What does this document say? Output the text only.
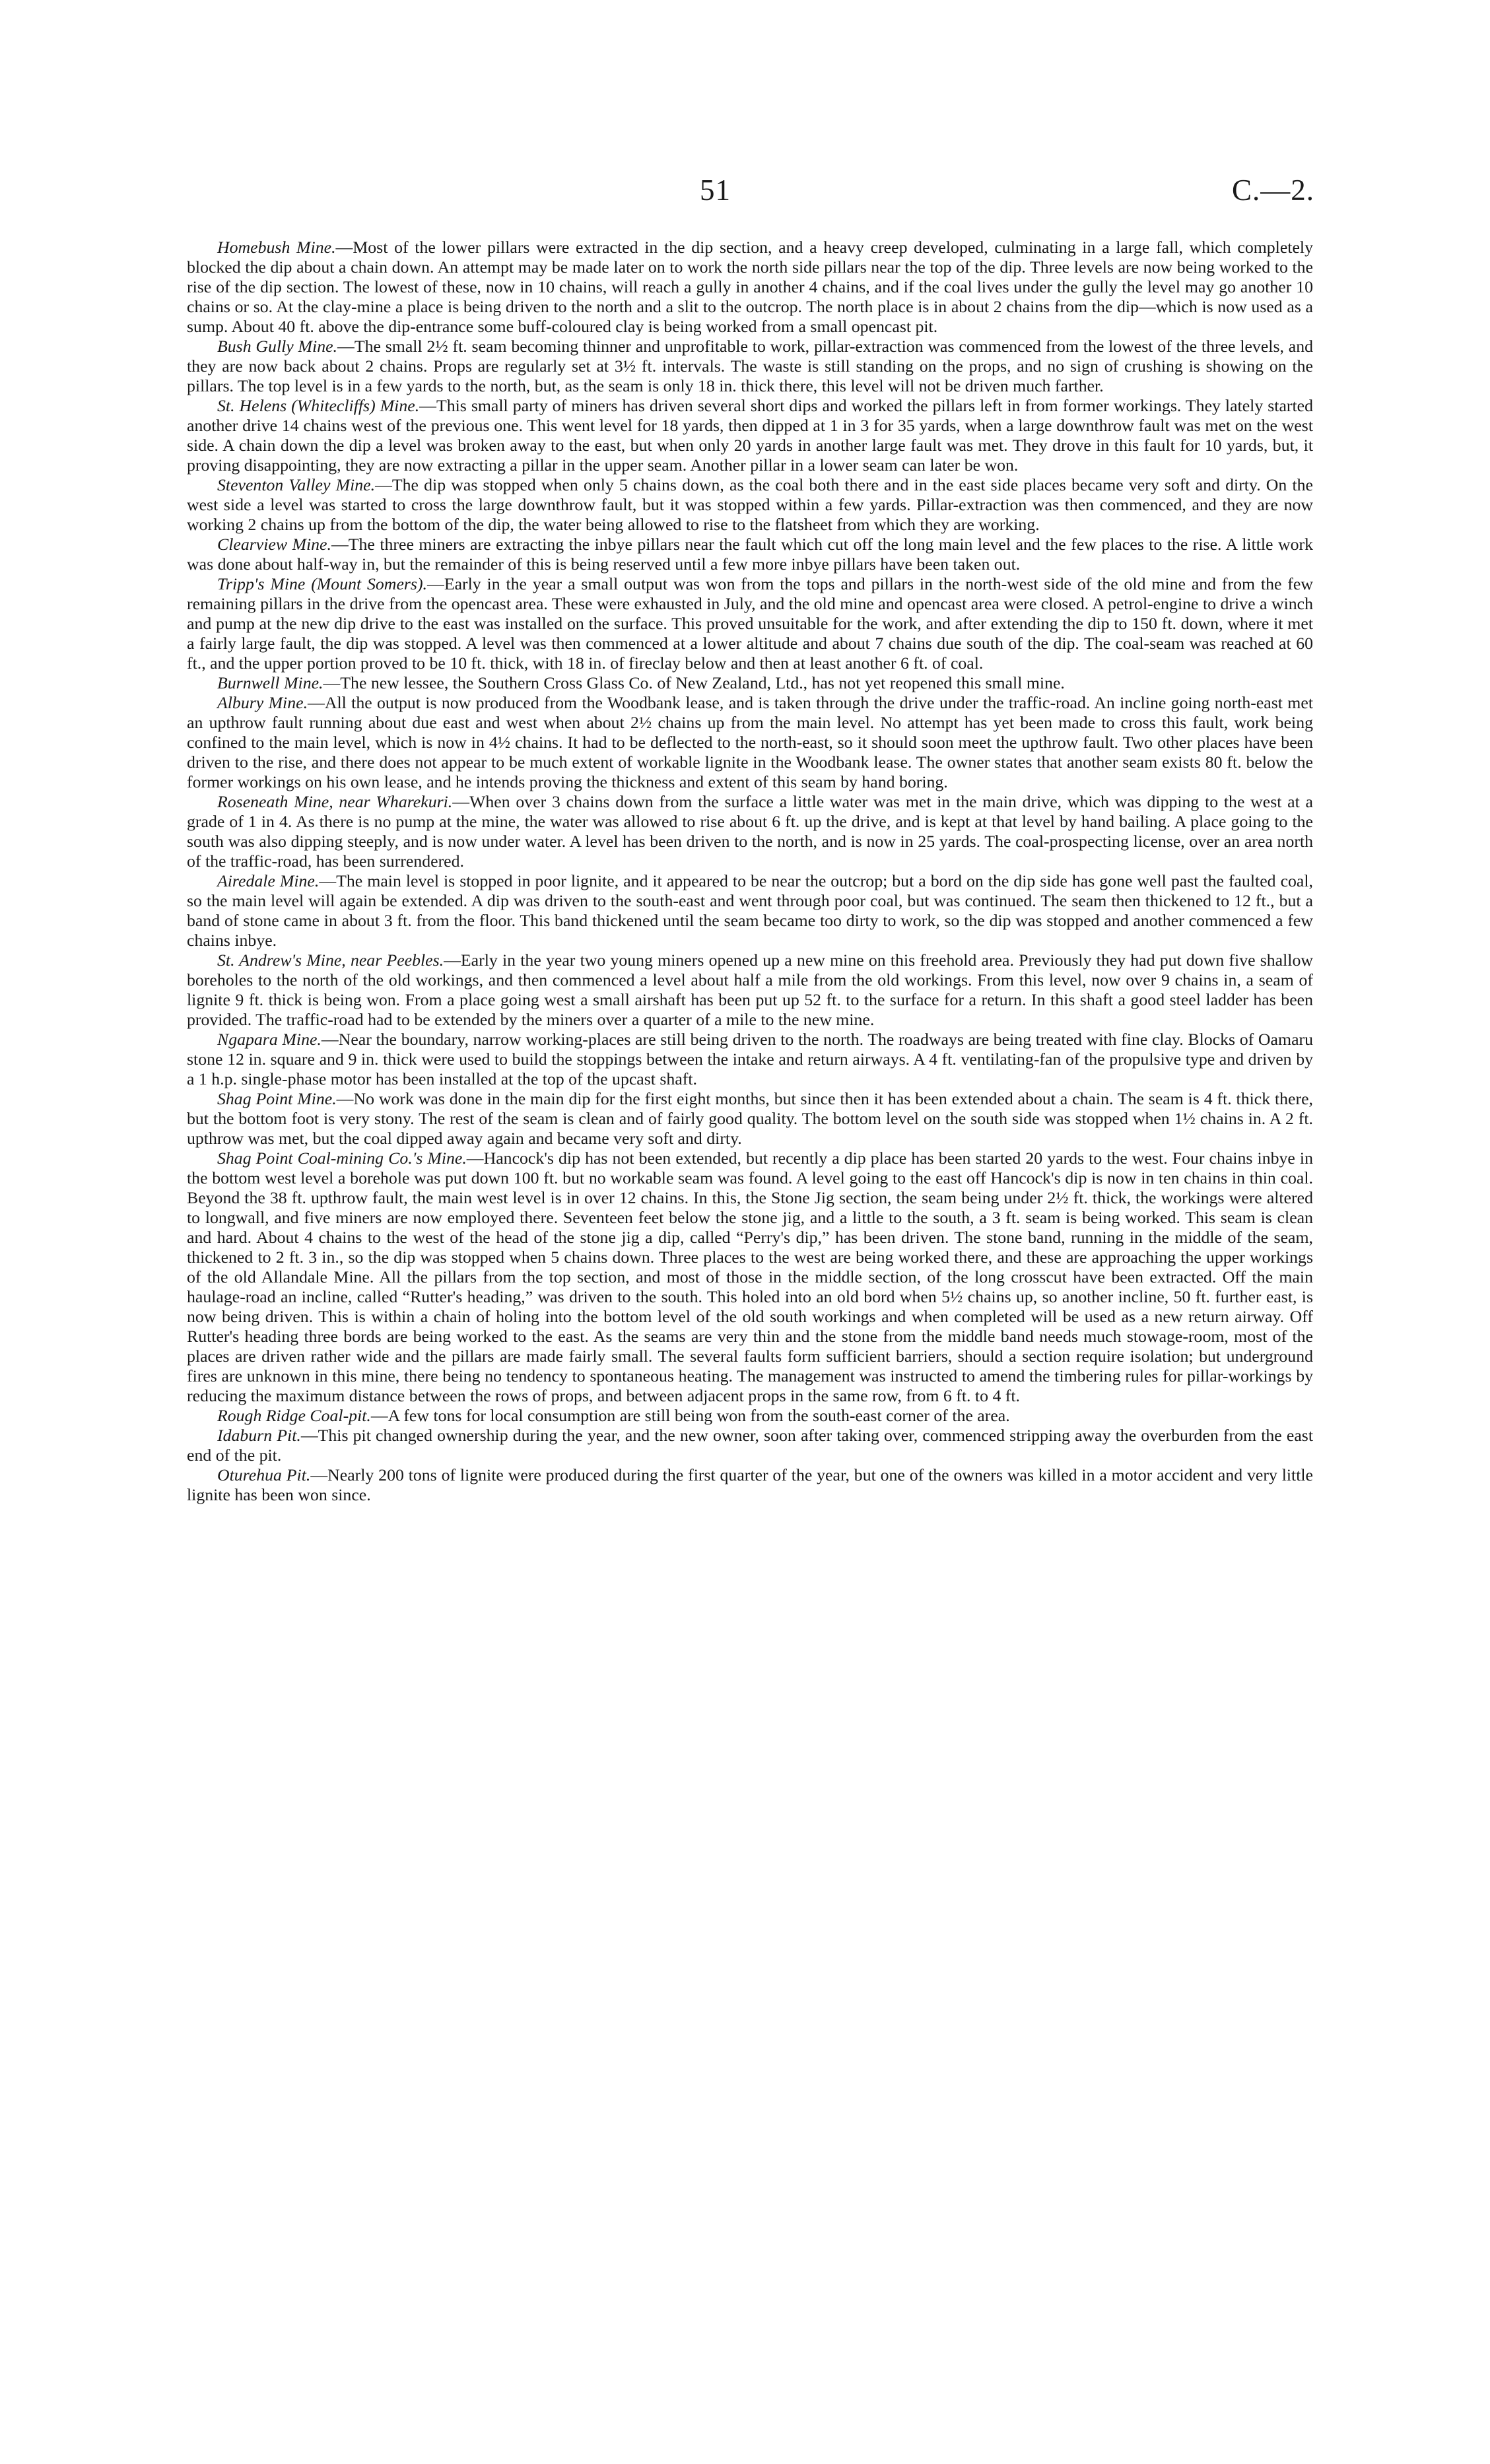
51	C.—2.

Homebush Mine.—Most of the lower pillars were extracted in the dip section, and a heavy creep developed, culminating in a large fall, which completely blocked the dip about a chain down. An attempt may be made later on to work the north side pillars near the top of the dip. Three levels are now being worked to the rise of the dip section. The lowest of these, now in 10 chains, will reach a gully in another 4 chains, and if the coal lives under the gully the level may go another 10 chains or so. At the clay-mine a place is being driven to the north and a slit to the outcrop. The north place is in about 2 chains from the dip—which is now used as a sump. About 40 ft. above the dip-entrance some buff-coloured clay is being worked from a small opencast pit.

Bush Gully Mine.—The small 2½ ft. seam becoming thinner and unprofitable to work, pillar-extraction was commenced from the lowest of the three levels, and they are now back about 2 chains. Props are regularly set at 3½ ft. intervals. The waste is still standing on the props, and no sign of crushing is showing on the pillars. The top level is in a few yards to the north, but, as the seam is only 18 in. thick there, this level will not be driven much farther.

St. Helens (Whitecliffs) Mine.—This small party of miners has driven several short dips and worked the pillars left in from former workings. They lately started another drive 14 chains west of the previous one. This went level for 18 yards, then dipped at 1 in 3 for 35 yards, when a large downthrow fault was met on the west side. A chain down the dip a level was broken away to the east, but when only 20 yards in another large fault was met. They drove in this fault for 10 yards, but, it proving disappointing, they are now extracting a pillar in the upper seam. Another pillar in a lower seam can later be won.

Steventon Valley Mine.—The dip was stopped when only 5 chains down, as the coal both there and in the east side places became very soft and dirty. On the west side a level was started to cross the large downthrow fault, but it was stopped within a few yards. Pillar-extraction was then commenced, and they are now working 2 chains up from the bottom of the dip, the water being allowed to rise to the flatsheet from which they are working.

Clearview Mine.—The three miners are extracting the inbye pillars near the fault which cut off the long main level and the few places to the rise. A little work was done about half-way in, but the remainder of this is being reserved until a few more inbye pillars have been taken out.

Tripp's Mine (Mount Somers).—Early in the year a small output was won from the tops and pillars in the north-west side of the old mine and from the few remaining pillars in the drive from the opencast area. These were exhausted in July, and the old mine and opencast area were closed. A petrol-engine to drive a winch and pump at the new dip drive to the east was installed on the surface. This proved unsuitable for the work, and after extending the dip to 150 ft. down, where it met a fairly large fault, the dip was stopped. A level was then commenced at a lower altitude and about 7 chains due south of the dip. The coal-seam was reached at 60 ft., and the upper portion proved to be 10 ft. thick, with 18 in. of fireclay below and then at least another 6 ft. of coal.

Burnwell Mine.—The new lessee, the Southern Cross Glass Co. of New Zealand, Ltd., has not yet reopened this small mine.

Albury Mine.—All the output is now produced from the Woodbank lease, and is taken through the drive under the traffic-road. An incline going north-east met an upthrow fault running about due east and west when about 2½ chains up from the main level. No attempt has yet been made to cross this fault, work being confined to the main level, which is now in 4½ chains. It had to be deflected to the north-east, so it should soon meet the upthrow fault. Two other places have been driven to the rise, and there does not appear to be much extent of workable lignite in the Woodbank lease. The owner states that another seam exists 80 ft. below the former workings on his own lease, and he intends proving the thickness and extent of this seam by hand boring.

Roseneath Mine, near Wharekuri.—When over 3 chains down from the surface a little water was met in the main drive, which was dipping to the west at a grade of 1 in 4. As there is no pump at the mine, the water was allowed to rise about 6 ft. up the drive, and is kept at that level by hand bailing. A place going to the south was also dipping steeply, and is now under water. A level has been driven to the north, and is now in 25 yards. The coal-prospecting license, over an area north of the traffic-road, has been surrendered.

Airedale Mine.—The main level is stopped in poor lignite, and it appeared to be near the outcrop; but a bord on the dip side has gone well past the faulted coal, so the main level will again be extended. A dip was driven to the south-east and went through poor coal, but was continued. The seam then thickened to 12 ft., but a band of stone came in about 3 ft. from the floor. This band thickened until the seam became too dirty to work, so the dip was stopped and another commenced a few chains inbye.

St. Andrew's Mine, near Peebles.—Early in the year two young miners opened up a new mine on this freehold area. Previously they had put down five shallow boreholes to the north of the old workings, and then commenced a level about half a mile from the old workings. From this level, now over 9 chains in, a seam of lignite 9 ft. thick is being won. From a place going west a small airshaft has been put up 52 ft. to the surface for a return. In this shaft a good steel ladder has been provided. The traffic-road had to be extended by the miners over a quarter of a mile to the new mine.

Ngapara Mine.—Near the boundary, narrow working-places are still being driven to the north. The roadways are being treated with fine clay. Blocks of Oamaru stone 12 in. square and 9 in. thick were used to build the stoppings between the intake and return airways. A 4 ft. ventilating-fan of the propulsive type and driven by a 1 h.p. single-phase motor has been installed at the top of the upcast shaft.

Shag Point Mine.—No work was done in the main dip for the first eight months, but since then it has been extended about a chain. The seam is 4 ft. thick there, but the bottom foot is very stony. The rest of the seam is clean and of fairly good quality. The bottom level on the south side was stopped when 1½ chains in. A 2 ft. upthrow was met, but the coal dipped away again and became very soft and dirty.

Shag Point Coal-mining Co.'s Mine.—Hancock's dip has not been extended, but recently a dip place has been started 20 yards to the west. Four chains inbye in the bottom west level a borehole was put down 100 ft. but no workable seam was found. A level going to the east off Hancock's dip is now in ten chains in thin coal. Beyond the 38 ft. upthrow fault, the main west level is in over 12 chains. In this, the Stone Jig section, the seam being under 2½ ft. thick, the workings were altered to longwall, and five miners are now employed there. Seventeen feet below the stone jig, and a little to the south, a 3 ft. seam is being worked. This seam is clean and hard. About 4 chains to the west of the head of the stone jig a dip, called “Perry's dip,” has been driven. The stone band, running in the middle of the seam, thickened to 2 ft. 3 in., so the dip was stopped when 5 chains down. Three places to the west are being worked there, and these are approaching the upper workings of the old Allandale Mine. All the pillars from the top section, and most of those in the middle section, of the long crosscut have been extracted. Off the main haulage-road an incline, called “Rutter's heading,” was driven to the south. This holed into an old bord when 5½ chains up, so another incline, 50 ft. further east, is now being driven. This is within a chain of holing into the bottom level of the old south workings and when completed will be used as a new return airway. Off Rutter's heading three bords are being worked to the east. As the seams are very thin and the stone from the middle band needs much stowage-room, most of the places are driven rather wide and the pillars are made fairly small. The several faults form sufficient barriers, should a section require isolation; but underground fires are unknown in this mine, there being no tendency to spontaneous heating. The management was instructed to amend the timbering rules for pillar-workings by reducing the maximum distance between the rows of props, and between adjacent props in the same row, from 6 ft. to 4 ft.

Rough Ridge Coal-pit.—A few tons for local consumption are still being won from the south-east corner of the area.

Idaburn Pit.—This pit changed ownership during the year, and the new owner, soon after taking over, commenced stripping away the overburden from the east end of the pit.

Oturehua Pit.—Nearly 200 tons of lignite were produced during the first quarter of the year, but one of the owners was killed in a motor accident and very little lignite has been won since.
